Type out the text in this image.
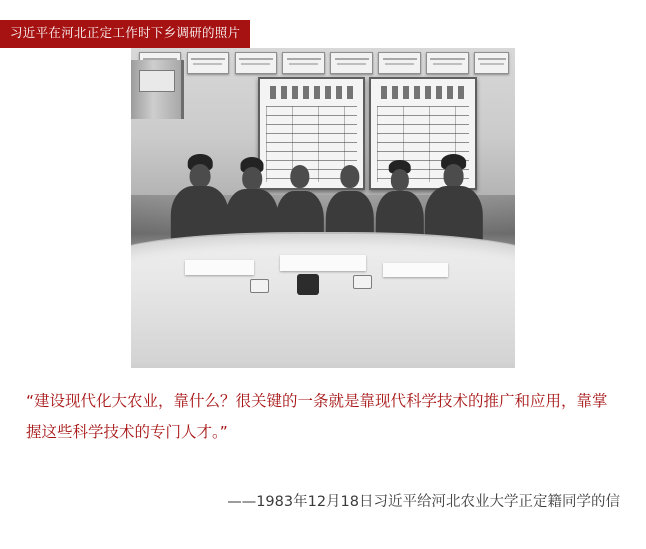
习近平在河北正定工作时下乡调研的照片
“建设现代化大农业，靠什么？很关键的一条就是靠现代科学技术的推广和应用，靠掌握这些科学技术的专门人才。”
——1983年12月18日习近平给河北农业大学正定籍同学的信
